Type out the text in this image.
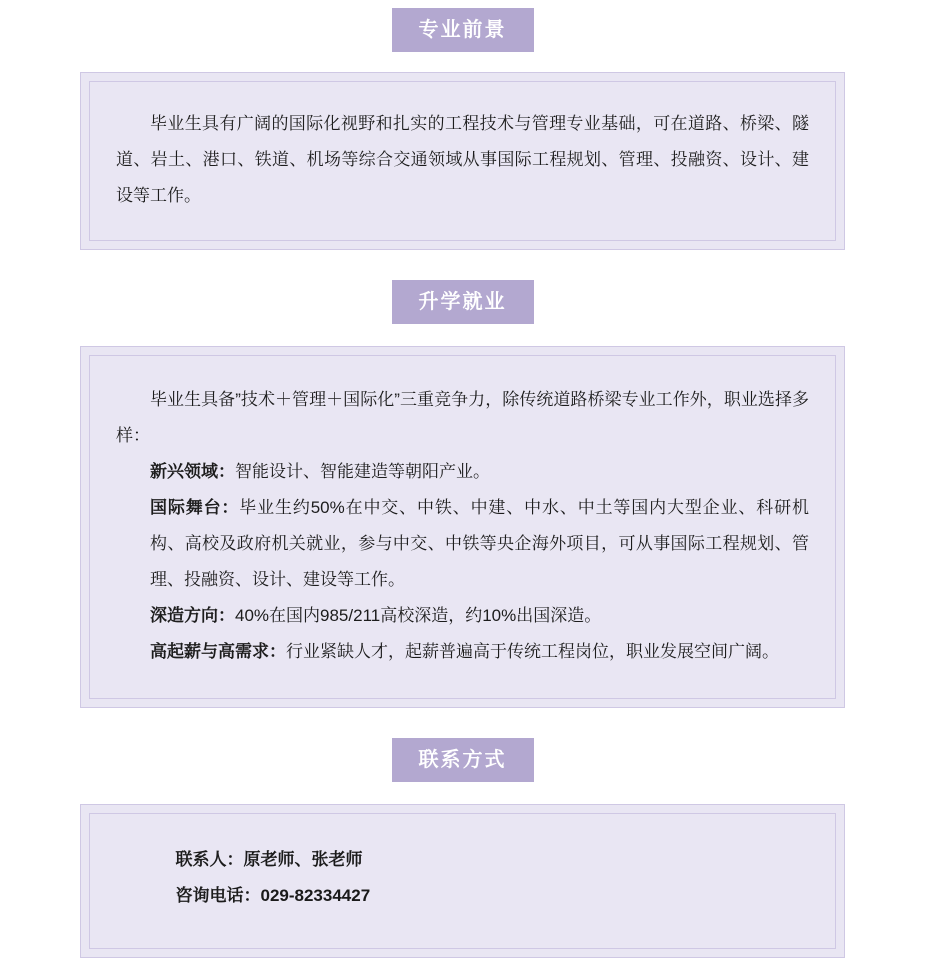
专业前景

毕业生具有广阔的国际化视野和扎实的工程技术与管理专业基础，可在道路、桥梁、隧道、岩土、港口、铁道、机场等综合交通领域从事国际工程规划、管理、投融资、设计、建设等工作。

升学就业

毕业生具备”技术＋管理＋国际化”三重竞争力，除传统道路桥梁专业工作外，职业选择多样：

新兴领域：智能设计、智能建造等朝阳产业。

国际舞台：毕业生约50%在中交、中铁、中建、中水、中土等国内大型企业、科研机构、高校及政府机关就业，参与中交、中铁等央企海外项目，可从事国际工程规划、管理、投融资、设计、建设等工作。

深造方向：40%在国内985/211高校深造，约10%出国深造。

高起薪与高需求：行业紧缺人才，起薪普遍高于传统工程岗位，职业发展空间广阔。

联系方式

联系人：原老师、张老师

咨询电话：029-82334427
